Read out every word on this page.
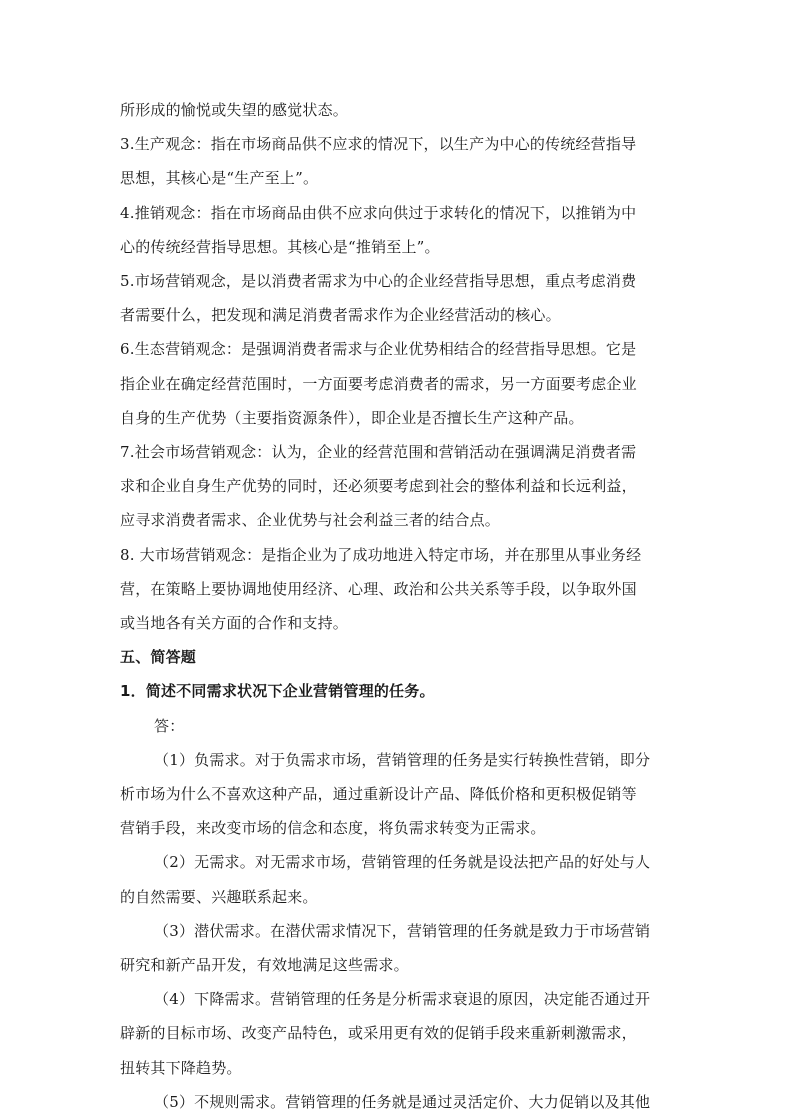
所形成的愉悦或失望的感觉状态。

3.生产观念：指在市场商品供不应求的情况下，以生产为中心的传统经营指导

思想，其核心是“生产至上”。

4.推销观念：指在市场商品由供不应求向供过于求转化的情况下，以推销为中

心的传统经营指导思想。其核心是“推销至上”。

5.市场营销观念，是以消费者需求为中心的企业经营指导思想，重点考虑消费

者需要什么，把发现和满足消费者需求作为企业经营活动的核心。

6.生态营销观念：是强调消费者需求与企业优势相结合的经营指导思想。它是

指企业在确定经营范围时，一方面要考虑消费者的需求，另一方面要考虑企业

自身的生产优势（主要指资源条件），即企业是否擅长生产这种产品。

7.社会市场营销观念：认为，企业的经营范围和营销活动在强调满足消费者需

求和企业自身生产优势的同时，还必须要考虑到社会的整体利益和长远利益，

应寻求消费者需求、企业优势与社会利益三者的结合点。

8. 大市场营销观念：是指企业为了成功地进入特定市场，并在那里从事业务经

营，在策略上要协调地使用经济、心理、政治和公共关系等手段，以争取外国

或当地各有关方面的合作和支持。

五、简答题

1．简述不同需求状况下企业营销管理的任务。

答：

（1）负需求。对于负需求市场，营销管理的任务是实行转换性营销，即分

析市场为什么不喜欢这种产品，通过重新设计产品、降低价格和更积极促销等

营销手段，来改变市场的信念和态度，将负需求转变为正需求。

（2）无需求。对无需求市场，营销管理的任务就是设法把产品的好处与人

的自然需要、兴趣联系起来。

（3）潜伏需求。在潜伏需求情况下，营销管理的任务就是致力于市场营销

研究和新产品开发，有效地满足这些需求。

（4）下降需求。营销管理的任务是分析需求衰退的原因，决定能否通过开

辟新的目标市场、改变产品特色，或采用更有效的促销手段来重新刺激需求，

扭转其下降趋势。

（5）不规则需求。营销管理的任务就是通过灵活定价、大力促销以及其他
